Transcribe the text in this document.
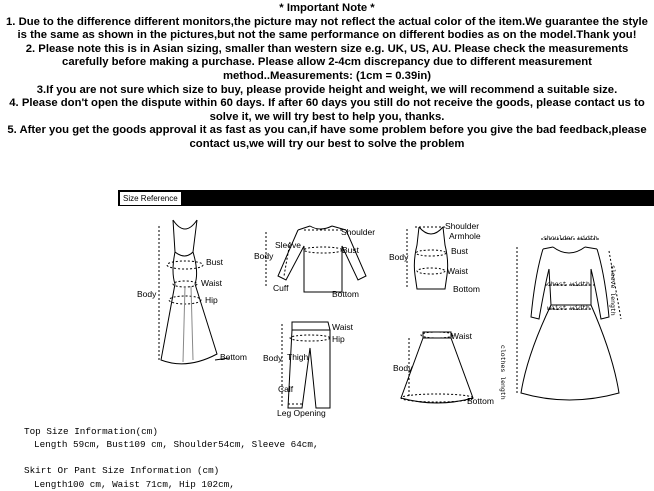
* Important Note *

1. Due to the difference different monitors,the picture may not reflect the actual color of the item.We guarantee the style is the same as shown in the pictures,but not the same performance on different bodies as on the model.Thank you!

2. Please note this is in Asian sizing, smaller than western size e.g. UK, US, AU. Please check the measurements carefully before making a purchase. Please allow 2-4cm discrepancy due to different measurement method..Measurements: (1cm = 0.39in)

3.If you are not sure which size to buy, please provide height and weight, we will recommend a suitable size.

4. Please don't open the dispute within 60 days. If after 60 days you still do not receive the goods, please contact us to solve it, we will try best to help you, thanks.

5. After you get the goods approval it as fast as you can,if have some problem before you give the bad feedback,please contact us,we will try our best to solve the problem

Size Reference
Bust
Waist
Body
Hip
Bottom
Shoulder
Sleeve	Bust
Body
Cuff
Bottom
Shoulder
Armhole
Bust
Body
Waist
Bottom
Waist
Hip
Body Thigh
Calf
Leg Opening
Waist
Body
Bottom
shoulder width
chest width
waist width	sleeve length
clothes length
Top Size Information(cm)
Length 59cm, Bust109 cm, Shoulder54cm, Sleeve 64cm,
Skirt Or Pant Size Information (cm)
Length100 cm, Waist 71cm, Hip 102cm,
